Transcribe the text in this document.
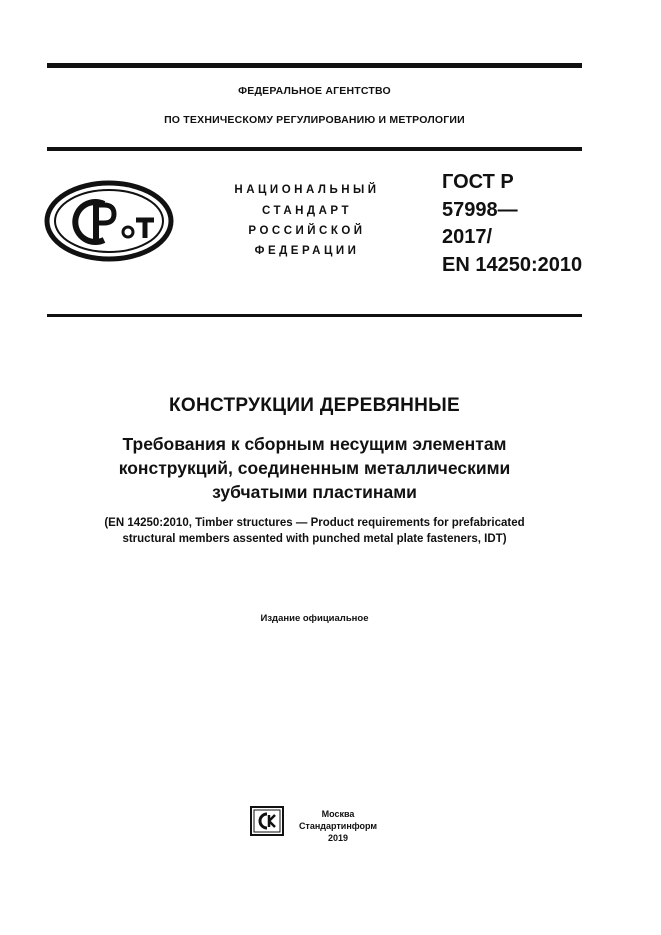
ФЕДЕРАЛЬНОЕ АГЕНТСТВО
ПО ТЕХНИЧЕСКОМУ РЕГУЛИРОВАНИЮ И МЕТРОЛОГИИ
НАЦИОНАЛЬНЫЙ
СТАНДАРТ
РОССИЙСКОЙ
ФЕДЕРАЦИИ
ГОСТ Р
57998—
2017/
EN 14250:2010
КОНСТРУКЦИИ ДЕРЕВЯННЫЕ
Требования к сборным несущим элементам
конструкций, соединенным металлическими
зубчатыми пластинами
(EN 14250:2010, Timber structures — Product requirements for prefabricated
structural members assented with punched metal plate fasteners, IDT)
Издание официальное
Москва
Стандартинформ
2019
